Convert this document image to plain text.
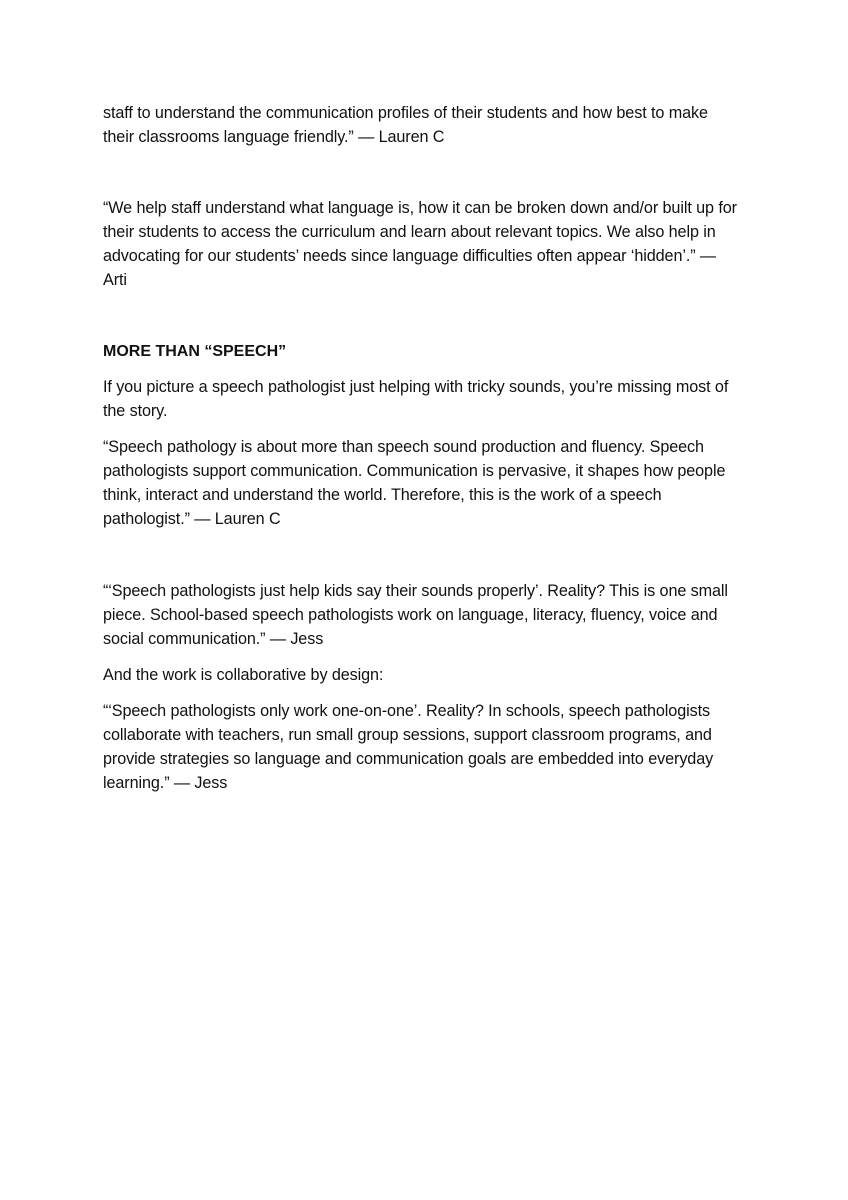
staff to understand the communication profiles of their students and how best to make their classrooms language friendly.” — Lauren C

“We help staff understand what language is, how it can be broken down and/or built up for their students to access the curriculum and learn about relevant topics. We also help in advocating for our students’ needs since language difficulties often appear ‘hidden’.” — Arti

MORE THAN “SPEECH”

If you picture a speech pathologist just helping with tricky sounds, you’re missing most of the story.

“Speech pathology is about more than speech sound production and fluency. Speech pathologists support communication. Communication is pervasive, it shapes how people think, interact and understand the world. Therefore, this is the work of a speech pathologist.” — Lauren C

“‘Speech pathologists just help kids say their sounds properly’. Reality? This is one small piece. School-based speech pathologists work on language, literacy, fluency, voice and social communication.” — Jess

And the work is collaborative by design:

“‘Speech pathologists only work one-on-one’. Reality? In schools, speech pathologists collaborate with teachers, run small group sessions, support classroom programs, and provide strategies so language and communication goals are embedded into everyday learning.” — Jess
